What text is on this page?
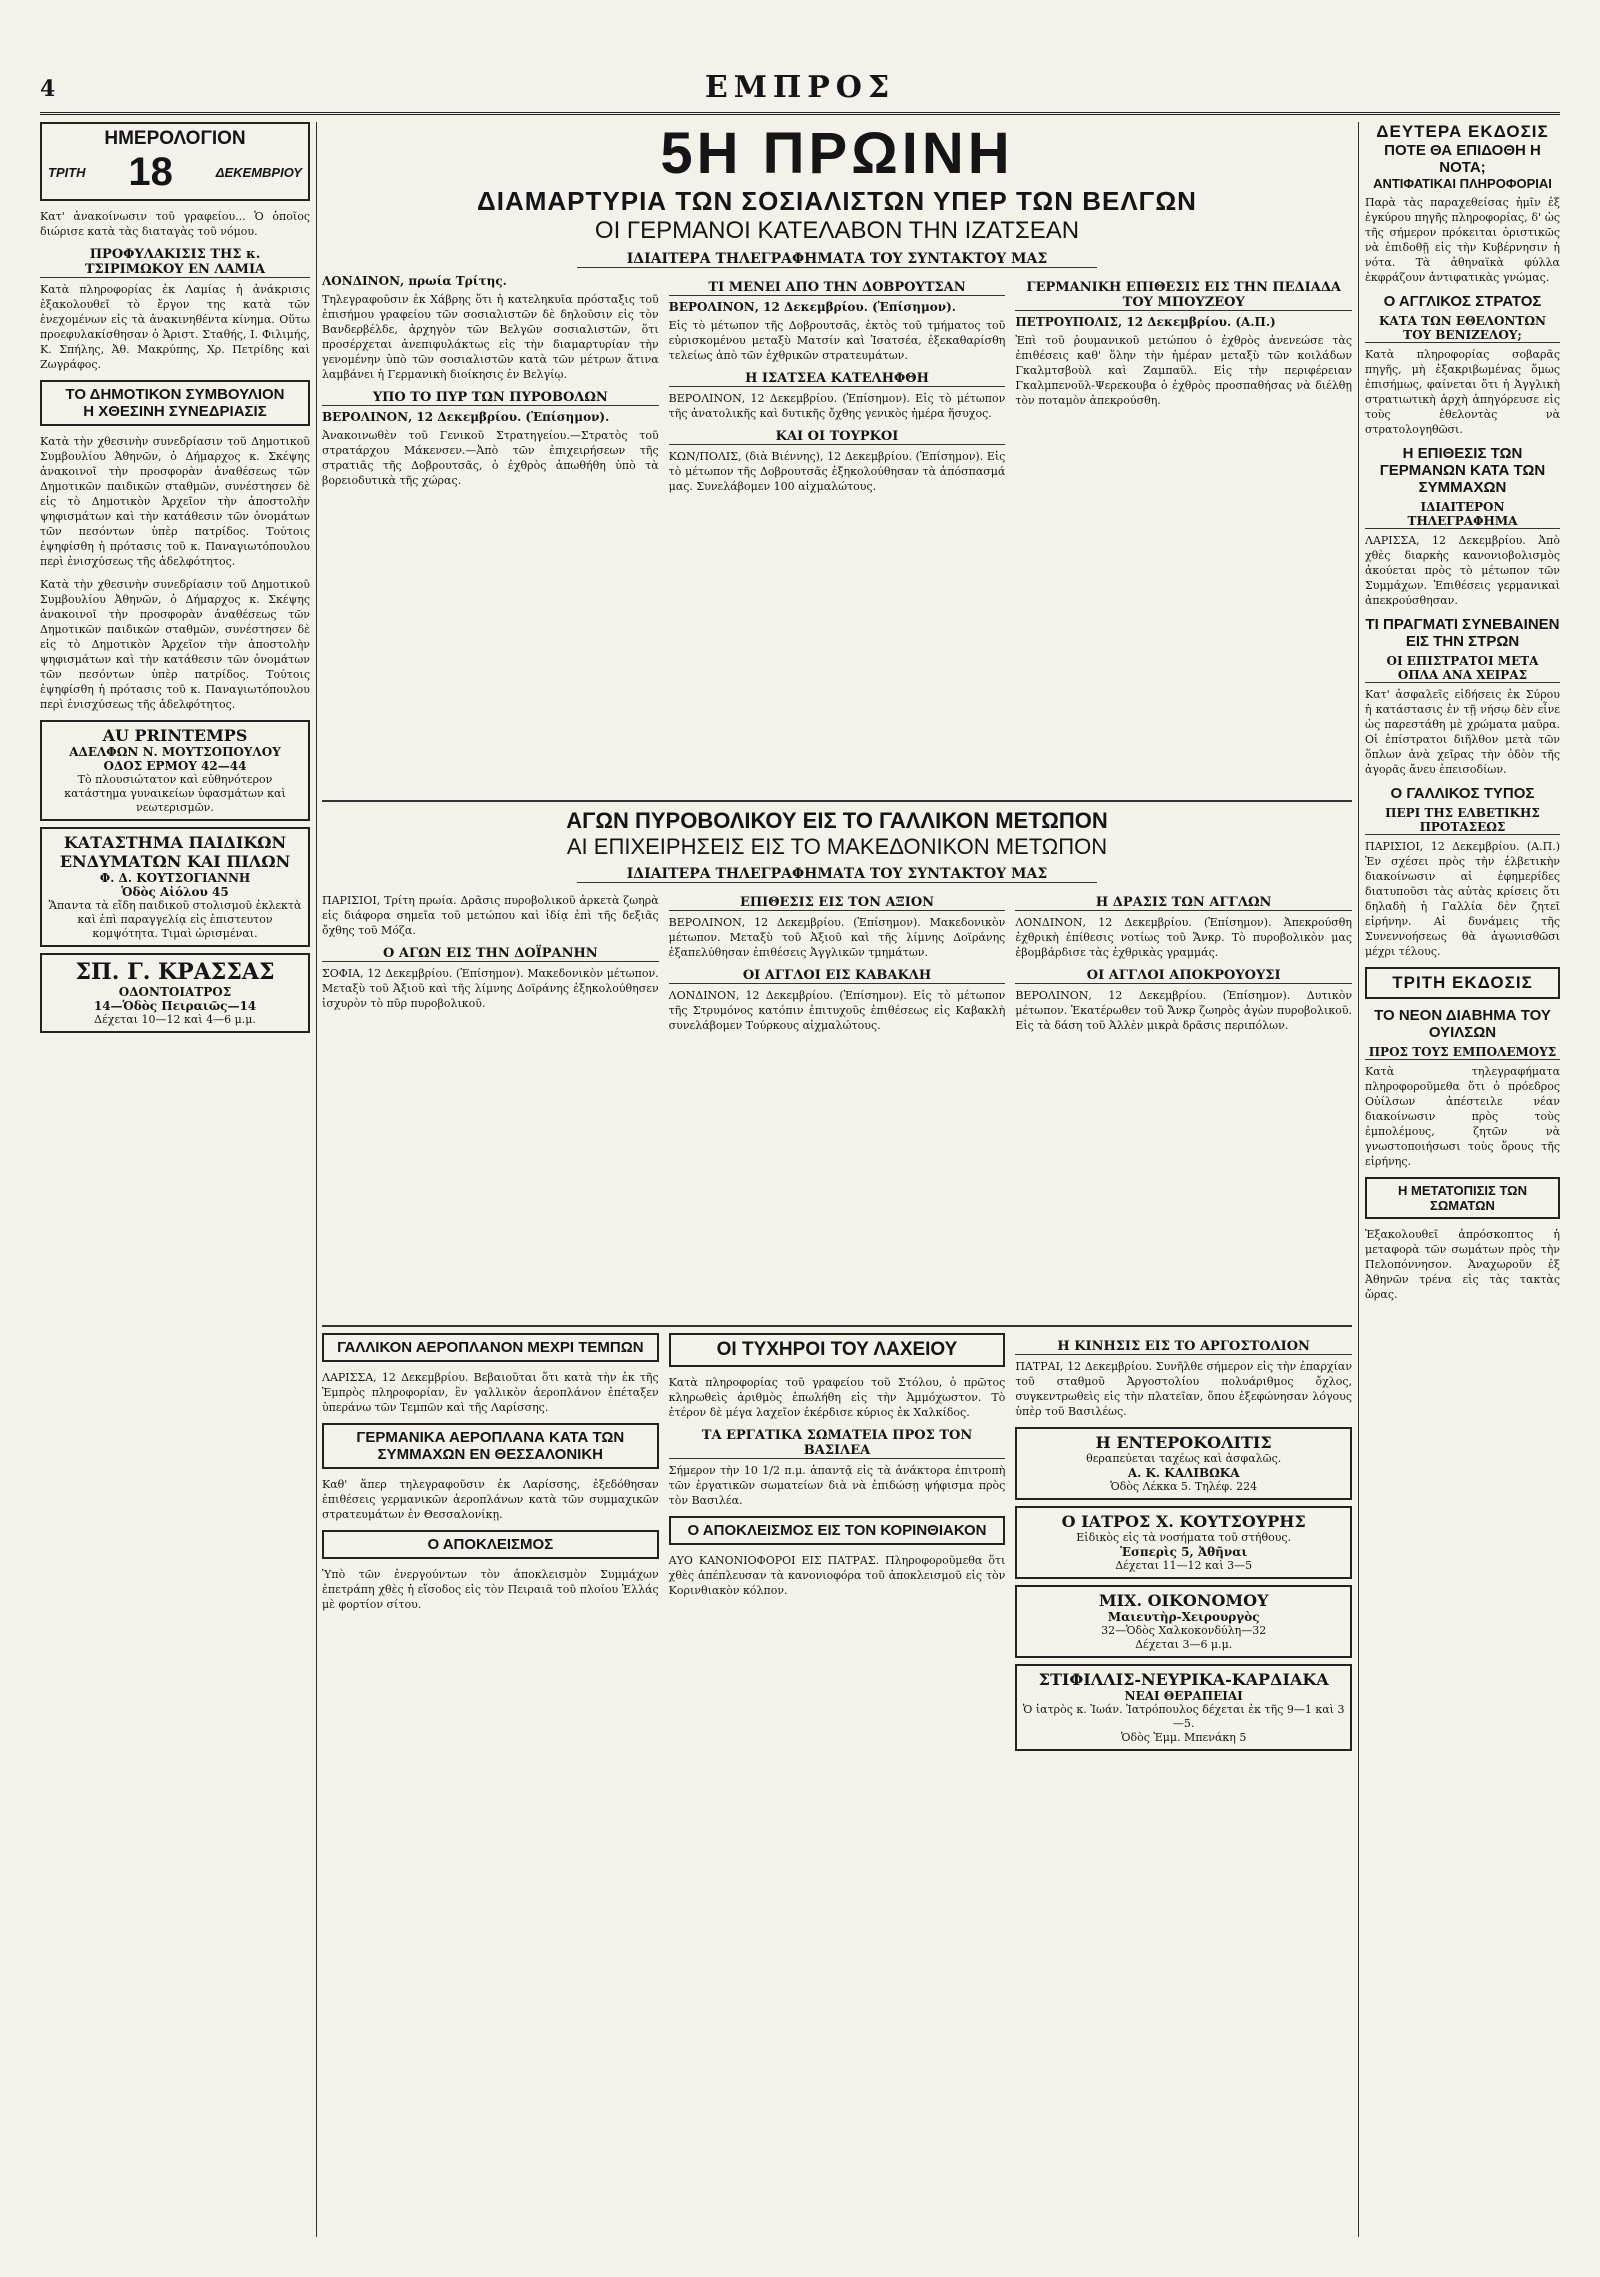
4	ΕΜΠΡΟΣ
ΗΜΕΡΟΛΟΓΙΟΝ
ΤΡΙΤΗ 18	ΔΕΚΕΜΒΡΙΟΥ
Κατ' ἀνακοίνωσιν τοῦ γραφείου... Ὁ ὁποῖος διώρισε κατὰ τὰς διαταγὰς τοῦ νόμου.
ΠΡΟΦΥΛΑΚΙΣΙΣ ΤΗΣ κ. ΤΣΙΡΙΜΩΚΟΥ ΕΝ ΛΑΜΙΑ
Κατὰ πληροφορίας ἐκ Λαμίας ἡ ἀνάκρισις ἐξακολουθεῖ τὸ ἔργον της κατὰ τῶν ἐνεχομένων εἰς τὰ ἀνακινηθέντα κίνημα. Οὕτω προεφυλακίσθησαν ὁ Ἀριστ. Σταθής, Ι. Φιλιμής, Κ. Σπήλης, Ἀθ. Μακρύπης, Χρ. Πετρίδης καὶ Ζωγράφος.
ΤΟ ΔΗΜΟΤΙΚΟΝ ΣΥΜΒΟΥΛΙΟΝ
Η ΧΘΕΣΙΝΗ ΣΥΝΕΔΡΙΑΣΙΣ
Κατὰ τὴν χθεσινὴν συνεδρίασιν τοῦ Δημοτικοῦ Συμβουλίου Ἀθηνῶν, ὁ Δήμαρχος κ. Σκέψης ἀνακοινοῖ τὴν προσφορὰν ἀναθέσεως τῶν Δημοτικῶν παιδικῶν σταθμῶν, συνέστησεν δὲ εἰς τὸ Δημοτικὸν Ἀρχεῖον τὴν ἀποστολὴν ψηφισμάτων καὶ τὴν κατάθεσιν τῶν ὀνομάτων τῶν πεσόντων ὑπὲρ πατρίδος. Τούτοις ἐψηφίσθη ἡ πρότασις τοῦ κ. Παναγιωτόπουλου περὶ ἐνισχύσεως τῆς ἀδελφότητος.
Κατὰ τὴν χθεσινὴν συνεδρίασιν τοῦ Δημοτικοῦ Συμβουλίου Ἀθηνῶν, ὁ Δήμαρχος κ. Σκέψης ἀνακοινοῖ τὴν προσφορὰν ἀναθέσεως τῶν Δημοτικῶν παιδικῶν σταθμῶν, συνέστησεν δὲ εἰς τὸ Δημοτικὸν Ἀρχεῖον τὴν ἀποστολὴν ψηφισμάτων καὶ τὴν κατάθεσιν τῶν ὀνομάτων τῶν πεσόντων ὑπὲρ πατρίδος. Τούτοις ἐψηφίσθη ἡ πρότασις τοῦ κ. Παναγιωτόπουλου περὶ ἐνισχύσεως τῆς ἀδελφότητος.
AU PRINTEMPS
ΑΔΕΛΦΩΝ Ν. ΜΟΥΤΣΟΠΟΥΛΟΥ
ΟΔΟΣ ΕΡΜΟΥ 42—44
Τὸ πλουσιώτατον καὶ εὐθηνότερον κατάστημα γυναικείων ὑφασμάτων καὶ νεωτερισμῶν.
ΚΑΤΑΣΤΗΜΑ ΠΑΙΔΙΚΩΝ ΕΝΔΥΜΑΤΩΝ ΚΑΙ ΠΙΛΩΝ
Φ. Δ. ΚΟΥΤΣΟΓΙΑΝΝΗ
Ὁδὸς Αἰόλου 45
Ἅπαντα τὰ εἴδη παιδικοῦ στολισμοῦ ἐκλεκτὰ καὶ ἐπὶ παραγγελίᾳ εἰς ἐπιστευτον κομψότητα. Τιμαὶ ὡρισμέναι.
ΣΠ. Γ. ΚΡΑΣΣΑΣ
ΟΔΟΝΤΟΙΑΤΡΟΣ
14—Ὁδὸς Πειραιῶς—14
Δέχεται 10—12 καὶ 4—6 μ.μ.
5Η ΠΡΩΙΝΗ
ΔΙΑΜΑΡΤΥΡΙΑ ΤΩΝ ΣΟΣΙΑΛΙΣΤΩΝ ΥΠΕΡ ΤΩΝ ΒΕΛΓΩΝ
ΟΙ ΓΕΡΜΑΝΟΙ ΚΑΤΕΛΑΒΟΝ ΤΗΝ ΙΖΑΤΣΕΑΝ
ΙΔΙΑΙΤΕΡΑ ΤΗΛΕΓΡΑΦΗΜΑΤΑ ΤΟΥ ΣΥΝΤΑΚΤΟΥ ΜΑΣ
ΛΟΝΔΙΝΟΝ, πρωία Τρίτης.
Τηλεγραφοῦσιν ἐκ Χάβρης ὅτι ἡ κατεληκυῖα πρόσταξις τοῦ ἐπισήμου γραφείου τῶν σοσιαλιστῶν δὲ δηλοῦσιν εἰς τὸν Βανδερβέλδε, ἀρχηγὸν τῶν Βελγῶν σοσιαλιστῶν, ὅτι προσέρχεται ἀνεπιφυλάκτως εἰς τὴν διαμαρτυρίαν τὴν γενομένην ὑπὸ τῶν σοσιαλιστῶν κατὰ τῶν μέτρων ἅτινα λαμβάνει ἡ Γερμανικὴ διοίκησις ἐν Βελγίῳ.
ΥΠΟ ΤΟ ΠΥΡ ΤΩΝ ΠΥΡΟΒΟΛΩΝ
ΒΕΡΟΛΙΝΟΝ, 12 Δεκεμβρίου. (Ἐπίσημον).
Ἀνακοινωθὲν τοῦ Γενικοῦ Στρατηγείου.—Στρατὸς τοῦ στρατάρχου Μάκενσεν.—Ἀπὸ τῶν ἐπιχειρήσεων τῆς στρατιᾶς τῆς Δοβρουτσᾶς, ὁ ἐχθρὸς ἀπωθήθη ὑπὸ τὰ βορειοδυτικὰ τῆς χώρας.
ΤΙ ΜΕΝΕΙ ΑΠΟ ΤΗΝ ΔΟΒΡΟΥΤΣΑΝ
ΒΕΡΟΛΙΝΟΝ, 12 Δεκεμβρίου. (Ἐπίσημον).
Εἰς τὸ μέτωπον τῆς Δοβρουτσᾶς, ἐκτὸς τοῦ τμήματος τοῦ εὑρισκομένου μεταξὺ Ματσίν καὶ Ἰσατσέα, ἐξεκαθαρίσθη τελείως ἀπὸ τῶν ἐχθρικῶν στρατευμάτων.
Η ΙΣΑΤΣΕΑ ΚΑΤΕΛΗΦΘΗ
ΒΕΡΟΛΙΝΟΝ, 12 Δεκεμβρίου. (Ἐπίσημον). Εἰς τὸ μέτωπον τῆς ἀνατολικῆς καὶ δυτικῆς ὄχθης γενικὸς ἡμέρα ἥσυχος.
ΚΑΙ ΟΙ ΤΟΥΡΚΟΙ
ΚΩΝ/ΠΟΛΙΣ, (διὰ Βιέννης), 12 Δεκεμβρίου. (Ἐπίσημον). Εἰς τὸ μέτωπον τῆς Δοβρουτσᾶς ἐξηκολούθησαν τὰ ἀπόσπασμά μας. Συνελάβομεν 100 αἰχμαλώτους.
ΓΕΡΜΑΝΙΚΗ ΕΠΙΘΕΣΙΣ ΕΙΣ ΤΗΝ ΠΕΔΙΑΔΑ ΤΟΥ ΜΠΟΥΖΕΟΥ
ΠΕΤΡΟΥΠΟΛΙΣ, 12 Δεκεμβρίου. (Α.Π.)
Ἐπὶ τοῦ ῥουμανικοῦ μετώπου ὁ ἐχθρὸς ἀνενεώσε τὰς ἐπιθέσεις καθ' ὅλην τὴν ἡμέραν μεταξὺ τῶν κοιλάδων Γκαλμτσβοὺλ καὶ Ζαμπαῦλ. Εἰς τὴν περιφέρειαν Γκαλμπενοῦλ-Ψερεκουβα ὁ ἐχθρὸς προσπαθήσας νὰ διέλθῃ τὸν ποταμὸν ἀπεκρούσθη.
ΑΓΩΝ ΠΥΡΟΒΟΛΙΚΟΥ ΕΙΣ ΤΟ ΓΑΛΛΙΚΟΝ ΜΕΤΩΠΟΝ
ΑΙ ΕΠΙΧΕΙΡΗΣΕΙΣ ΕΙΣ ΤΟ ΜΑΚΕΔΟΝΙΚΟΝ ΜΕΤΩΠΟΝ
ΙΔΙΑΙΤΕΡΑ ΤΗΛΕΓΡΑΦΗΜΑΤΑ ΤΟΥ ΣΥΝΤΑΚΤΟΥ ΜΑΣ
ΠΑΡΙΣΙΟΙ, Τρίτη πρωία. Δρᾶσις πυροβολικοῦ ἀρκετὰ ζωηρὰ εἰς διάφορα σημεῖα τοῦ μετώπου καὶ ἰδίᾳ ἐπὶ τῆς δεξιᾶς ὄχθης τοῦ Μόζα.
Ο ΑΓΩΝ ΕΙΣ ΤΗΝ ΔΟΪΡΑΝΗΝ
ΣΟΦΙΑ, 12 Δεκεμβρίου. (Ἐπίσημον). Μακεδονικὸν μέτωπον. Μεταξὺ τοῦ Ἀξιοῦ καὶ τῆς λίμνης Δοϊράνης ἐξηκολούθησεν ἰσχυρὸν τὸ πῦρ πυροβολικοῦ.
ΕΠΙΘΕΣΙΣ ΕΙΣ ΤΟΝ ΑΞΙΟΝ
ΒΕΡΟΛΙΝΟΝ, 12 Δεκεμβρίου. (Ἐπίσημον). Μακεδονικὸν μέτωπον. Μεταξὺ τοῦ Ἀξιοῦ καὶ τῆς λίμνης Δοϊράνης ἐξαπελύθησαν ἐπιθέσεις Ἀγγλικῶν τμημάτων.
ΟΙ ΑΓΓΛΟΙ ΕΙΣ ΚΑΒΑΚΛΗ
ΛΟΝΔΙΝΟΝ, 12 Δεκεμβρίου. (Ἐπίσημον). Εἰς τὸ μέτωπον τῆς Στρυμόνος κατόπιν ἐπιτυχοῦς ἐπιθέσεως εἰς Καβακλὴ συνελάβομεν Τούρκους αἰχμαλώτους.
Η ΔΡΑΣΙΣ ΤΩΝ ΑΓΓΛΩΝ
ΛΟΝΔΙΝΟΝ, 12 Δεκεμβρίου. (Ἐπίσημον). Ἀπεκρούσθη ἐχθρικὴ ἐπίθεσις νοτίως τοῦ Ἄνκρ. Τὸ πυροβολικὸν μας ἐβομβάρδισε τὰς ἐχθρικὰς γραμμάς.
ΟΙ ΑΓΓΛΟΙ ΑΠΟΚΡΟΥΟΥΣΙ
ΒΕΡΟΛΙΝΟΝ, 12 Δεκεμβρίου. (Ἐπίσημον). Δυτικὸν μέτωπον. Ἑκατέρωθεν τοῦ Ἄνκρ ζωηρὸς ἀγὼν πυροβολικοῦ. Εἰς τὰ δάση τοῦ Ἀλλὲν μικρὰ δρᾶσις περιπόλων.
ΓΑΛΛΙΚΟΝ ΑΕΡΟΠΛΑΝΟΝ ΜΕΧΡΙ ΤΕΜΠΩΝ
ΛΑΡΙΣΣΑ, 12 Δεκεμβρίου. Βεβαιοῦται ὅτι κατὰ τὴν ἐκ τῆς Ἐμπρὸς πληροφορίαν, ἓν γαλλικὸν ἀεροπλάνον ἐπέταξεν ὑπεράνω τῶν Τεμπῶν καὶ τῆς Λαρίσσης.
ΓΕΡΜΑΝΙΚΑ ΑΕΡΟΠΛΑΝΑ ΚΑΤΑ ΤΩΝ ΣΥΜΜΑΧΩΝ ΕΝ ΘΕΣΣΑΛΟΝΙΚΗ
Καθ' ἅπερ τηλεγραφοῦσιν ἐκ Λαρίσσης, ἐξεδόθησαν ἐπιθέσεις γερμανικῶν ἀεροπλάνων κατὰ τῶν συμμαχικῶν στρατευμάτων ἐν Θεσσαλονίκῃ.
Ο ΑΠΟΚΛΕΙΣΜΟΣ
Ὑπὸ τῶν ἐνεργούντων τὸν ἀποκλεισμὸν Συμμάχων ἐπετράπη χθὲς ἡ εἴσοδος εἰς τὸν Πειραιᾶ τοῦ πλοίου Ἑλλάς μὲ φορτίον σίτου.
ΟΙ ΤΥΧΗΡΟΙ ΤΟΥ ΛΑΧΕΙΟΥ
Κατὰ πληροφορίας τοῦ γραφείου τοῦ Στόλου, ὁ πρῶτος κληρωθεὶς ἀριθμὸς ἐπωλήθη εἰς τὴν Ἀμμόχωστον. Τὸ ἐτέρον δὲ μέγα λαχεῖον ἐκέρδισε κύριος ἐκ Χαλκίδος.
ΤΑ ΕΡΓΑΤΙΚΑ ΣΩΜΑΤΕΙΑ ΠΡΟΣ ΤΟΝ ΒΑΣΙΛΕΑ
Σήμερον τὴν 10 1/2 π.μ. ἀπαντᾷ εἰς τὰ ἀνάκτορα ἐπιτροπὴ τῶν ἐργατικῶν σωματείων διὰ νὰ ἐπιδώσῃ ψήφισμα πρὸς τὸν Βασιλέα.
Ο ΑΠΟΚΛΕΙΣΜΟΣ ΕΙΣ ΤΟΝ ΚΟΡΙΝΘΙΑΚΟΝ
ΑΥΟ ΚΑΝΟΝΙΟΦΟΡΟΙ ΕΙΣ ΠΑΤΡΑΣ. Πληροφοροῦμεθα ὅτι χθὲς ἀπέπλευσαν τὰ κανονιοφόρα τοῦ ἀποκλεισμοῦ εἰς τὸν Κορινθιακὸν κόλπον.
Η ΚΙΝΗΣΙΣ ΕΙΣ ΤΟ ΑΡΓΟΣΤΟΛΙΟΝ
ΠΑΤΡΑΙ, 12 Δεκεμβρίου. Συνῆλθε σήμερον εἰς τὴν ἐπαρχίαν τοῦ σταθμοῦ Ἀργοστολίου πολυάριθμος ὄχλος, συγκεντρωθεὶς εἰς τὴν πλατεῖαν, ὅπου ἐξεφώνησαν λόγους ὑπὲρ τοῦ Βασιλέως.
Η ΕΝΤΕΡΟΚΟΛΙΤΙΣ
θεραπεύεται ταχέως καὶ ἀσφαλῶς.
Α. Κ. ΚΑΛΙΒΩΚΑ
Ὁδὸς Λέκκα 5. Τηλέφ. 224
Ο ΙΑΤΡΟΣ Χ. ΚΟΥΤΣΟΥΡΗΣ
Εἰδικὸς εἰς τὰ νοσήματα τοῦ στήθους.
Ἑσπερὶς 5, Ἀθῆναι
Δέχεται 11—12 καὶ 3—5
ΜΙΧ. ΟΙΚΟΝΟΜΟΥ
Μαιευτὴρ-Χειρουργὸς
32—Ὁδὸς Χαλκοκονδύλη—32
Δέχεται 3—6 μ.μ.
ΣΤΙΦΙΛΛΙΣ-ΝΕΥΡΙΚΑ-ΚΑΡΔΙΑΚΑ
ΝΕΑΙ ΘΕΡΑΠΕΙΑΙ
Ὁ ἰατρὸς κ. Ἰωάν. Ἰατρόπουλος δέχεται ἐκ τῆς 9—1 καὶ 3—5.
Ὁδὸς Ἐμμ. Μπενάκη 5
ΔΕΥΤΕΡΑ ΕΚΔΟΣΙΣ
ΠΟΤΕ ΘΑ ΕΠΙΔΟΘΗ Η ΝΟΤΑ;
ΑΝΤΙΦΑΤΙΚΑΙ ΠΛΗΡΟΦΟΡΙΑΙ
Παρὰ τὰς παραχεθείσας ἡμῖν ἐξ ἐγκύρου πηγῆς πληροφορίας, δ' ὡς τῆς σήμερον πρόκειται ὁριστικῶς νὰ ἐπιδοθῇ εἰς τὴν Κυβέρνησιν ἡ νότα. Τὰ ἀθηναϊκὰ φύλλα ἐκφράζουν ἀντιφατικὰς γνώμας.
Ο ΑΓΓΛΙΚΟΣ ΣΤΡΑΤΟΣ
ΚΑΤΑ ΤΩΝ ΕΘΕΛΟΝΤΩΝ ΤΟΥ ΒΕΝΙΖΕΛΟΥ;
Κατὰ πληροφορίας σοβαρᾶς πηγῆς, μὴ ἐξακριβωμένας ὅμως ἐπισήμως, φαίνεται ὅτι ἡ Ἀγγλικὴ στρατιωτικὴ ἀρχὴ ἀπηγόρευσε εἰς τοὺς ἐθελοντὰς νὰ στρατολογηθῶσι.
Η ΕΠΙΘΕΣΙΣ ΤΩΝ ΓΕΡΜΑΝΩΝ ΚΑΤΑ ΤΩΝ ΣΥΜΜΑΧΩΝ
ΙΔΙΑΙΤΕΡΟΝ ΤΗΛΕΓΡΑΦΗΜΑ
ΛΑΡΙΣΣΑ, 12 Δεκεμβρίου. Ἀπὸ χθὲς διαρκὴς κανονιοβολισμὸς ἀκούεται πρὸς τὸ μέτωπον τῶν Συμμάχων. Ἐπιθέσεις γερμανικαὶ ἀπεκρούσθησαν.
ΤΙ ΠΡΑΓΜΑΤΙ ΣΥΝΕΒΑΙΝΕΝ ΕΙΣ ΤΗΝ ΣΤΡΩΝ
ΟΙ ΕΠΙΣΤΡΑΤΟΙ ΜΕΤΑ ΟΠΛΑ ΑΝΑ ΧΕΙΡΑΣ
Κατ' ἀσφαλεῖς εἰδήσεις ἐκ Σύρου ἡ κατάστασις ἐν τῇ νήσῳ δὲν εἶνε ὡς παρεστάθη μὲ χρώματα μαῦρα. Οἱ ἐπίστρατοι διῆλθον μετὰ τῶν ὅπλων ἀνὰ χεῖρας τὴν ὁδὸν τῆς ἀγορᾶς ἄνευ ἐπεισοδίων.
Ο ΓΑΛΛΙΚΟΣ ΤΥΠΟΣ
ΠΕΡΙ ΤΗΣ ΕΛΒΕΤΙΚΗΣ ΠΡΟΤΑΣΕΩΣ
ΠΑΡΙΣΙΟΙ, 12 Δεκεμβρίου. (Α.Π.) Ἐν σχέσει πρὸς τὴν ἐλβετικὴν διακοίνωσιν αἱ ἐφημερίδες διατυποῦσι τὰς αὐτὰς κρίσεις ὅτι δηλαδὴ ἡ Γαλλία δὲν ζητεῖ εἰρήνην. Αἱ δυνάμεις τῆς Συνεννοήσεως θὰ ἀγωνισθῶσι μέχρι τέλους.
ΤΡΙΤΗ ΕΚΔΟΣΙΣ
ΤΟ ΝΕΟΝ ΔΙΑΒΗΜΑ ΤΟΥ ΟΥΙΛΣΩΝ
ΠΡΟΣ ΤΟΥΣ ΕΜΠΟΛΕΜΟΥΣ
Κατὰ τηλεγραφήματα πληροφοροῦμεθα ὅτι ὁ πρόεδρος Οὐίλσων ἀπέστειλε νέαν διακοίνωσιν πρὸς τοὺς ἐμπολέμους, ζητῶν νὰ γνωστοποιήσωσι τοὺς ὅρους τῆς εἰρήνης.
Η ΜΕΤΑΤΟΠΙΣΙΣ ΤΩΝ ΣΩΜΑΤΩΝ
Ἐξακολουθεῖ ἀπρόσκοπτος ἡ μεταφορὰ τῶν σωμάτων πρὸς τὴν Πελοπόννησον. Ἀναχωροῦν ἐξ Ἀθηνῶν τρένα εἰς τὰς τακτὰς ὥρας.
